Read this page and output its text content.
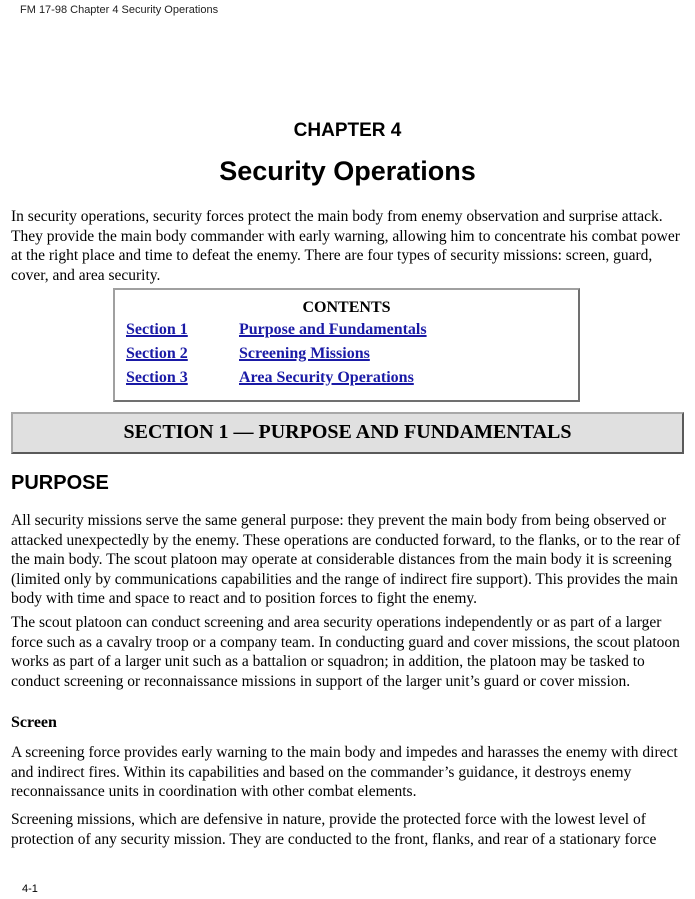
FM 17-98 Chapter 4 Security Operations
CHAPTER 4
Security Operations

In security operations, security forces protect the main body from enemy observation and surprise attack. They provide the main body commander with early warning, allowing him to concentrate his combat power at the right place and time to defeat the enemy. There are four types of security missions: screen, guard, cover, and area security.

CONTENTS
Section 1	Purpose and Fundamentals
Section 2	Screening Missions
Section 3	Area Security Operations
SECTION 1 — PURPOSE AND FUNDAMENTALS
PURPOSE

All security missions serve the same general purpose: they prevent the main body from being observed or attacked unexpectedly by the enemy. These operations are conducted forward, to the flanks, or to the rear of the main body. The scout platoon may operate at considerable distances from the main body it is screening (limited only by communications capabilities and the range of indirect fire support). This provides the main body with time and space to react and to position forces to fight the enemy.

The scout platoon can conduct screening and area security operations independently or as part of a larger force such as a cavalry troop or a company team. In conducting guard and cover missions, the scout platoon works as part of a larger unit such as a battalion or squadron; in addition, the platoon may be tasked to conduct screening or reconnaissance missions in support of the larger unit’s guard or cover mission.

Screen

A screening force provides early warning to the main body and impedes and harasses the enemy with direct and indirect fires. Within its capabilities and based on the commander’s guidance, it destroys enemy reconnaissance units in coordination with other combat elements.

Screening missions, which are defensive in nature, provide the protected force with the lowest level of protection of any security mission. They are conducted to the front, flanks, and rear of a stationary force

4-1
